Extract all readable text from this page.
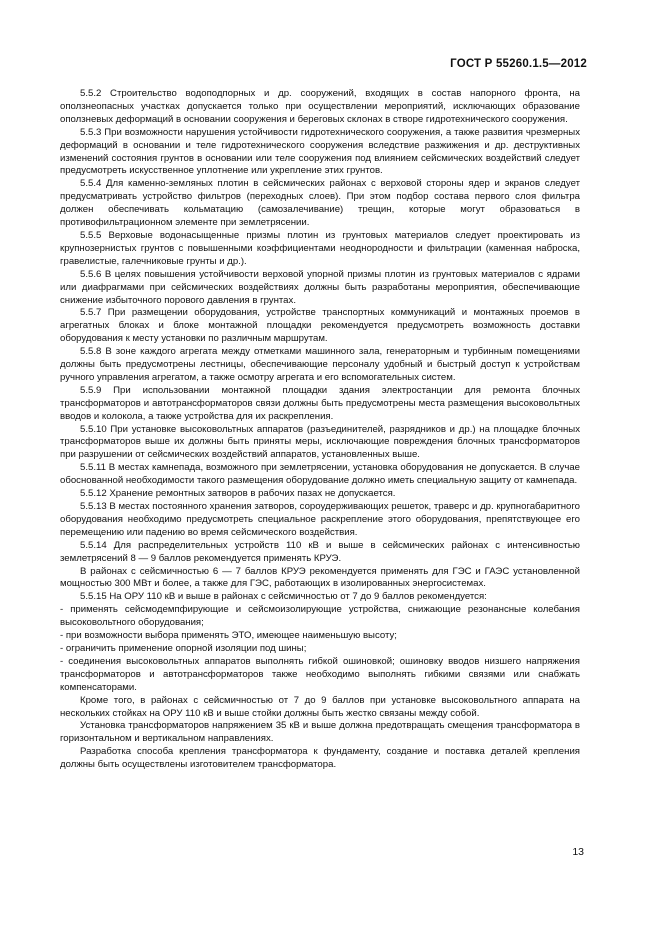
ГОСТ Р 55260.1.5—2012

5.5.2 Строительство водоподпорных и др. сооружений, входящих в состав напорного фронта, на оползнеопасных участках допускается только при осуществлении мероприятий, исключающих образование оползневых деформаций в основании сооружения и береговых склонах в створе гидротехнического сооружения.

5.5.3 При возможности нарушения устойчивости гидротехнического сооружения, а также развития чрезмерных деформаций в основании и теле гидротехнического сооружения вследствие разжижения и др. деструктивных изменений состояния грунтов в основании или теле сооружения под влиянием сейсмических воздействий следует предусмотреть искусственное уплотнение или укрепление этих грунтов.

5.5.4 Для каменно-земляных плотин в сейсмических районах с верховой стороны ядер и экранов следует предусматривать устройство фильтров (переходных слоев). При этом подбор состава первого слоя фильтра должен обеспечивать кольматацию (самозалечивание) трещин, которые могут образоваться в противофильтрационном элементе при землетрясении.

5.5.5 Верховые водонасыщенные призмы плотин из грунтовых материалов следует проектировать из крупнозернистых грунтов с повышенными коэффициентами неоднородности и фильтрации (каменная наброска, гравелистые, галечниковые грунты и др.).

5.5.6 В целях повышения устойчивости верховой упорной призмы плотин из грунтовых материалов с ядрами или диафрагмами при сейсмических воздействиях должны быть разработаны мероприятия, обеспечивающие снижение избыточного порового давления в грунтах.

5.5.7 При размещении оборудования, устройстве транспортных коммуникаций и монтажных проемов в агрегатных блоках и блоке монтажной площадки рекомендуется предусмотреть возможность доставки оборудования к месту установки по различным маршрутам.

5.5.8 В зоне каждого агрегата между отметками машинного зала, генераторным и турбинным помещениями должны быть предусмотрены лестницы, обеспечивающие персоналу удобный и быстрый доступ к устройствам ручного управления агрегатом, а также осмотру агрегата и его вспомогательных систем.

5.5.9 При использовании монтажной площадки здания электростанции для ремонта блочных трансформаторов и автотрансформаторов связи должны быть предусмотрены места размещения высоковольтных вводов и колокола, а также устройства для их раскрепления.

5.5.10 При установке высоковольтных аппаратов (разъединителей, разрядников и др.) на площадке блочных трансформаторов выше их должны быть приняты меры, исключающие повреждения блочных трансформаторов при разрушении от сейсмических воздействий аппаратов, установленных выше.

5.5.11 В местах камнепада, возможного при землетрясении, установка оборудования не допускается. В случае обоснованной необходимости такого размещения оборудование должно иметь специальную защиту от камнепада.

5.5.12 Хранение ремонтных затворов в рабочих пазах не допускается.

5.5.13 В местах постоянного хранения затворов, сороудерживающих решеток, траверс и др. крупногабаритного оборудования необходимо предусмотреть специальное раскрепление этого оборудования, препятствующее его перемещению или падению во время сейсмического воздействия.

5.5.14 Для распределительных устройств 110 кВ и выше в сейсмических районах с интенсивностью землетрясений 8 — 9 баллов рекомендуется применять КРУЭ.

В районах с сейсмичностью 6 — 7 баллов КРУЭ рекомендуется применять для ГЭС и ГАЭС установленной мощностью 300 МВт и более, а также для ГЭС, работающих в изолированных энергосистемах.

5.5.15 На ОРУ 110 кВ и выше в районах с сейсмичностью от 7 до 9 баллов рекомендуется:

- применять сейсмодемпфирующие и сейсмоизолирующие устройства, снижающие резонансные колебания высоковольтного оборудования;

- при возможности выбора применять ЭТО, имеющее наименьшую высоту;

- ограничить применение опорной изоляции под шины;

- соединения высоковольтных аппаратов выполнять гибкой ошиновкой; ошиновку вводов низшего напряжения трансформаторов и автотрансформаторов также необходимо выполнять гибкими связями или снабжать компенсаторами.

Кроме того, в районах с сейсмичностью от 7 до 9 баллов при установке высоковольтного аппарата на нескольких стойках на ОРУ 110 кВ и выше стойки должны быть жестко связаны между собой.

Установка трансформаторов напряжением 35 кВ и выше должна предотвращать смещения трансформатора в горизонтальном и вертикальном направлениях.

Разработка способа крепления трансформатора к фундаменту, создание и поставка деталей крепления должны быть осуществлены изготовителем трансформатора.

13
